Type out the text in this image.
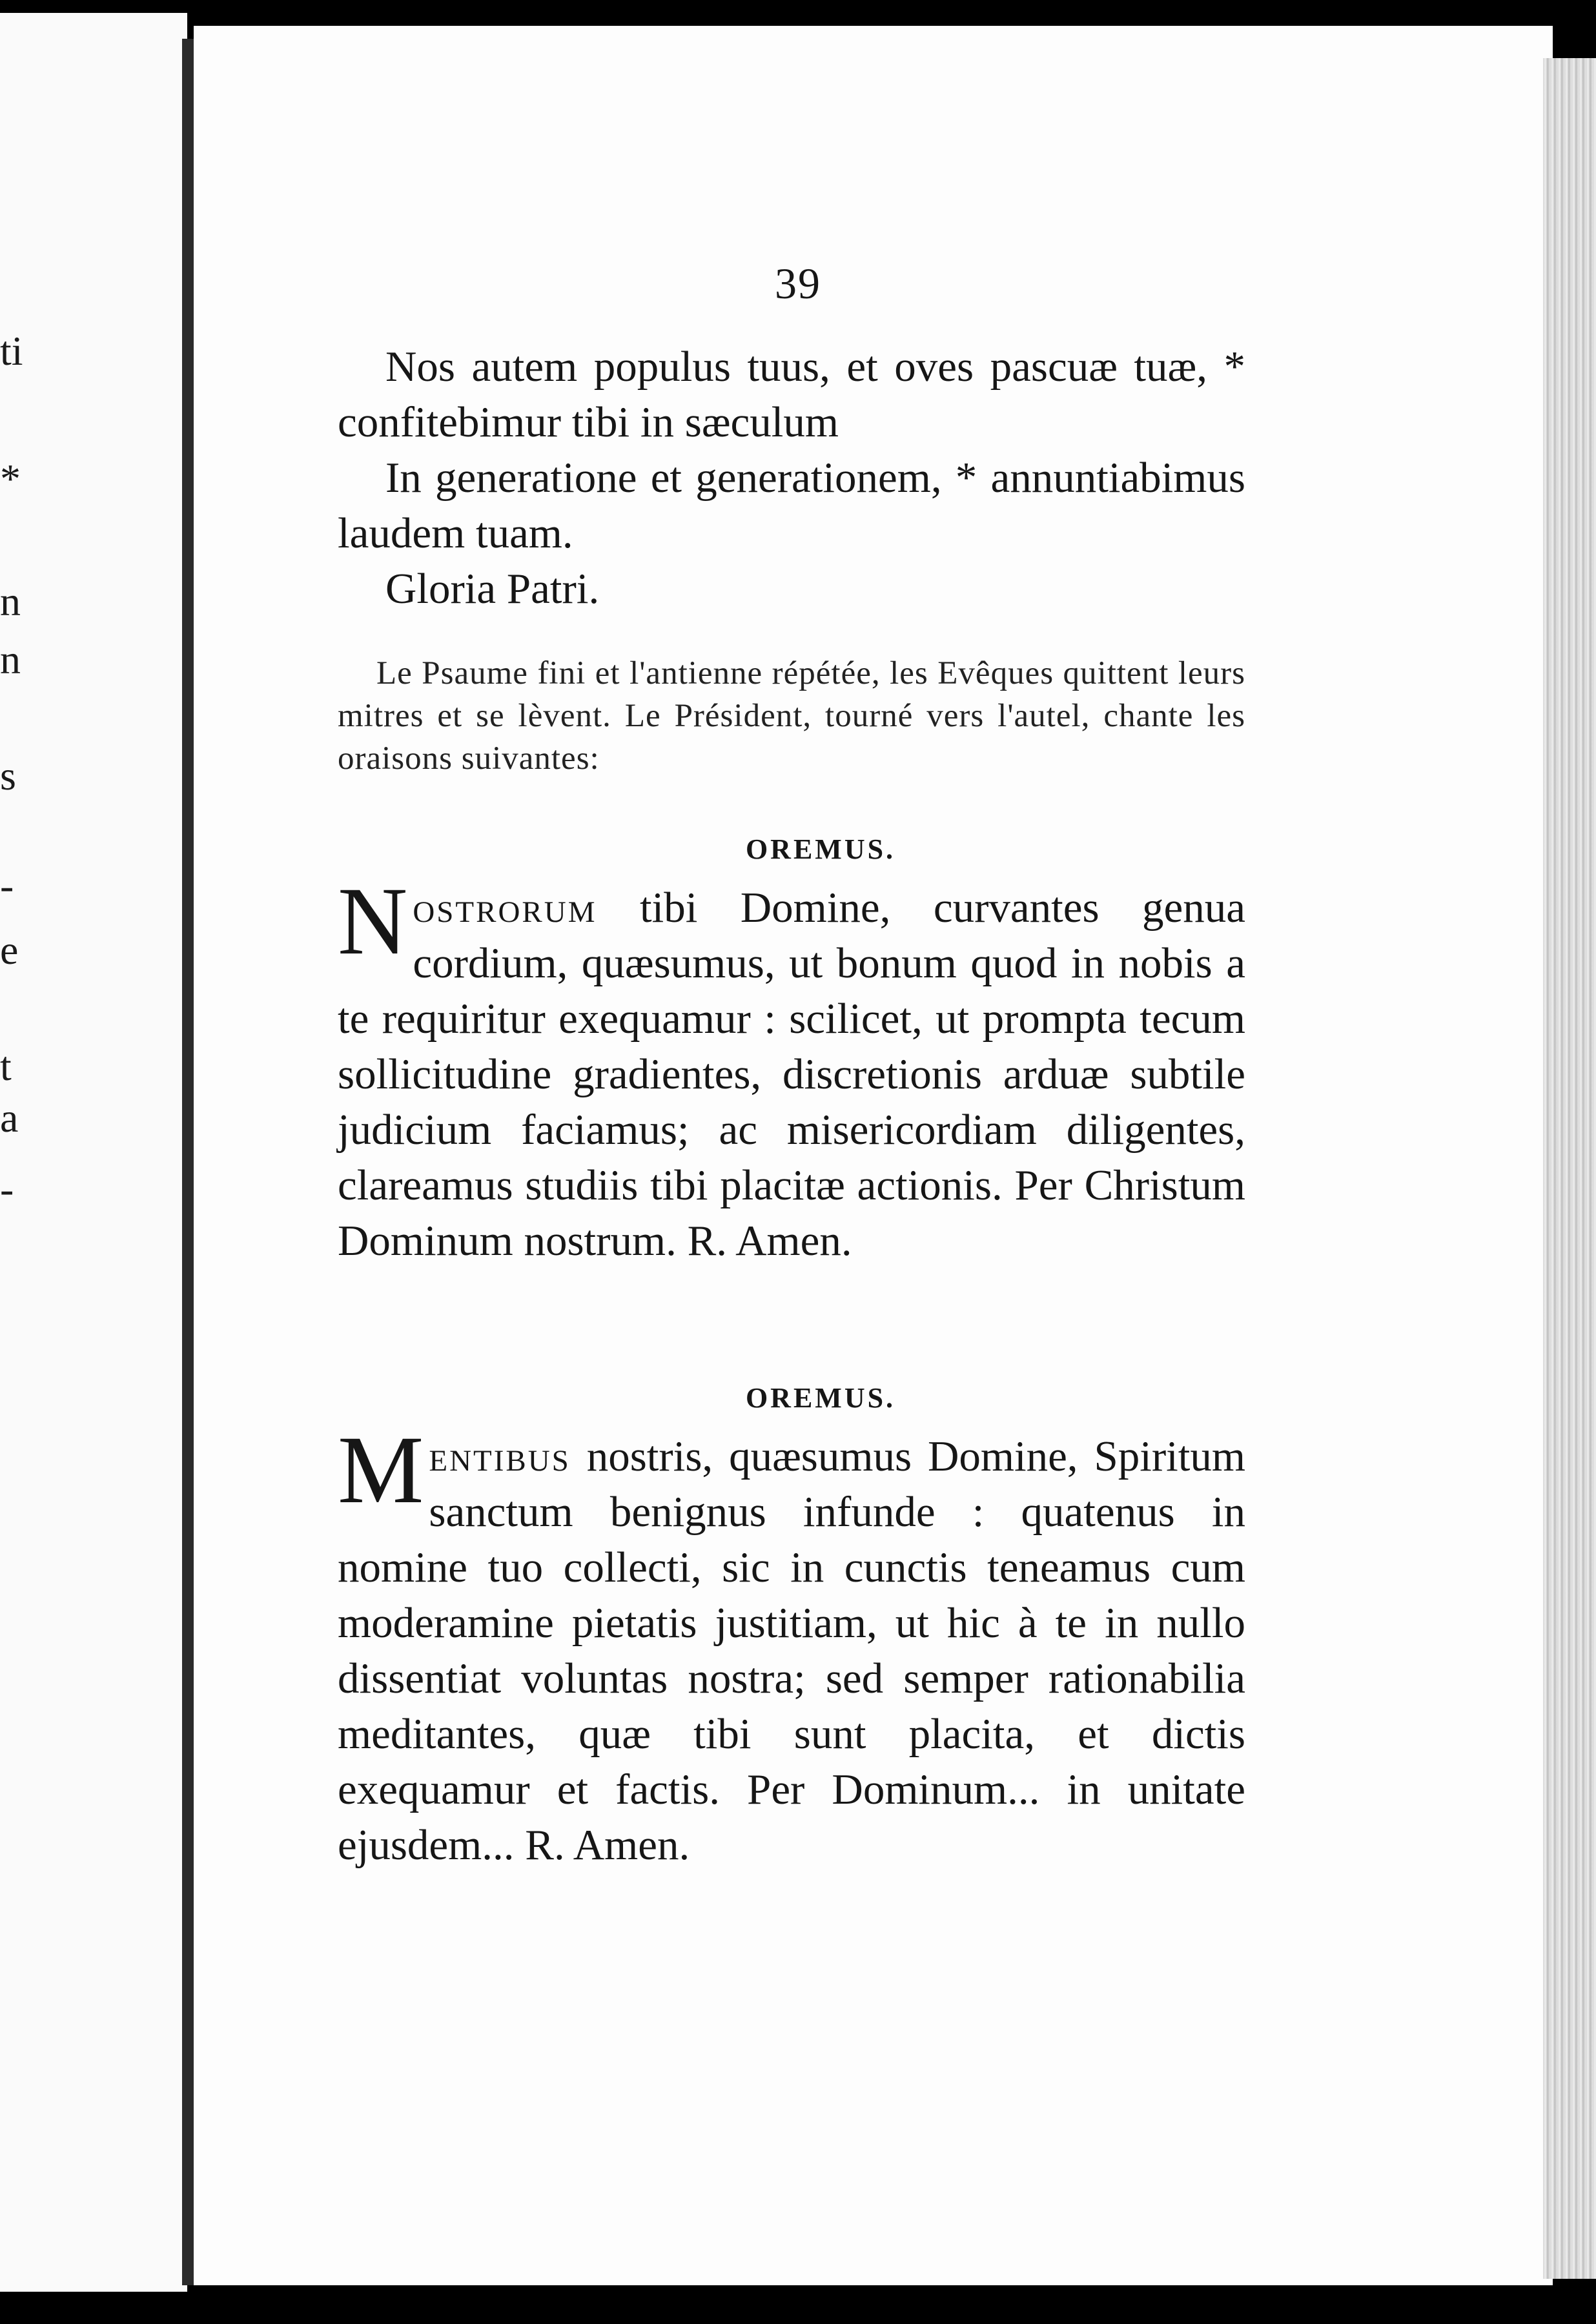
ti
*
n
n
s
-
e
t
a
-
39

Nos autem populus tuus, et oves pascuæ tuæ, * confitebimur tibi in sæculum

In generatione et generationem, * annuntiabimus laudem tuam.

Gloria Patri.

Le Psaume fini et l'antienne répétée, les Evêques quittent leurs mitres et se lèvent. Le Président, tourné vers l'autel, chante les oraisons suivantes:

OREMUS.

Nostrorum tibi Domine, curvantes genua cordium, quæsumus, ut bonum quod in nobis a te requiritur exequamur : scilicet, ut prompta tecum sollicitudine gradientes, discretionis arduæ subtile judicium faciamus; ac misericordiam diligentes, clareamus studiis tibi placitæ actionis. Per Christum Dominum nostrum. R. Amen.

OREMUS.

Mentibus nostris, quæsumus Domine, Spiritum sanctum benignus infunde : quatenus in nomine tuo collecti, sic in cunctis teneamus cum moderamine pietatis justitiam, ut hic à te in nullo dissentiat voluntas nostra; sed semper rationabilia meditantes, quæ tibi sunt placita, et dictis exequamur et factis. Per Dominum... in unitate ejusdem... R. Amen.
